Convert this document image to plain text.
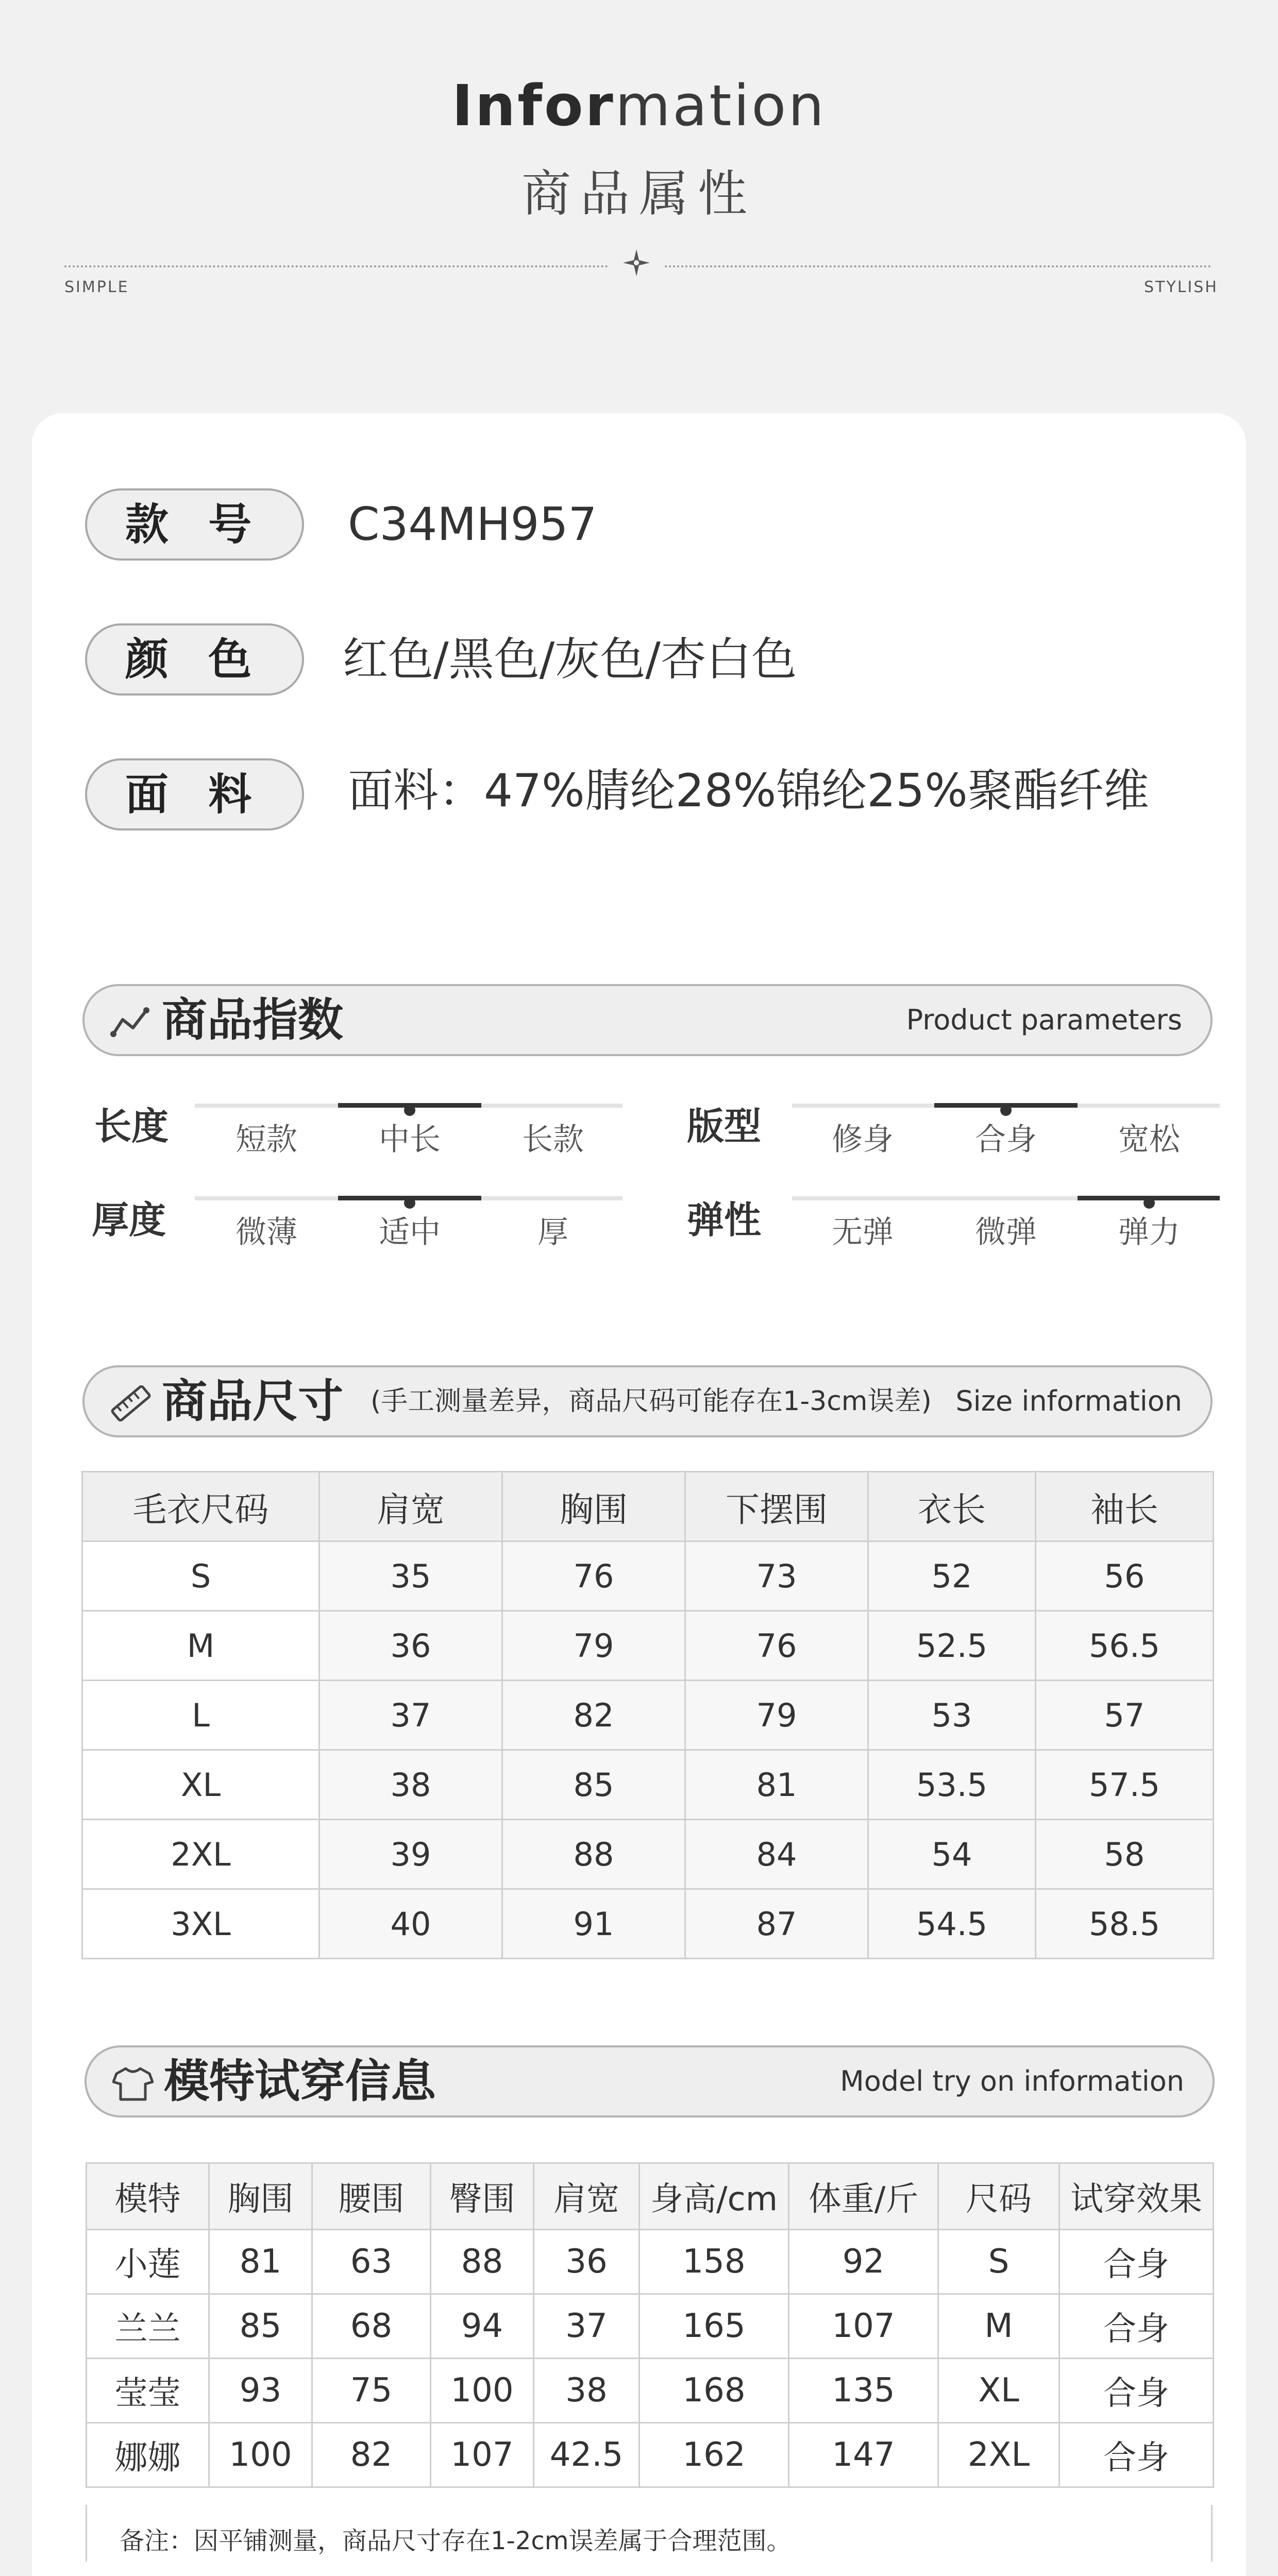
Information
商品属性
SIMPLE	STYLISH
款 号	C34MH957
颜 色	红色/黑色/灰色/杏白色
面 料	面料：47%腈纶28%锦纶25%聚酯纤维
商品指数	Product parameters
长度	短款	中长	长款	版型	修身	合身	宽松
厚度	微薄	适中	厚	弹性	无弹	微弹	弹力
商品尺寸 (手工测量差异，商品尺码可能存在1-3cm误差) Size information
毛衣尺码	肩宽	胸围	下摆围	衣长	袖长
S	35	76	73	52	56
M	36	79	76	52.5	56.5
L	37	82	79	53	57
XL	38	85	81	53.5	57.5
2XL	39	88	84	54	58
3XL	40	91	87	54.5	58.5
模特试穿信息	Model try on information
模特	胸围	腰围	臀围	肩宽	身高/cm	体重/斤	尺码	试穿效果
小莲	81	63	88	36	158	92	S	合身
兰兰	85	68	94	37	165	107	M	合身
莹莹	93	75	100	38	168	135	XL	合身
娜娜	100	82	107	42.5	162	147	2XL	合身
备注：因平铺测量，商品尺寸存在1-2cm误差属于合理范围。
